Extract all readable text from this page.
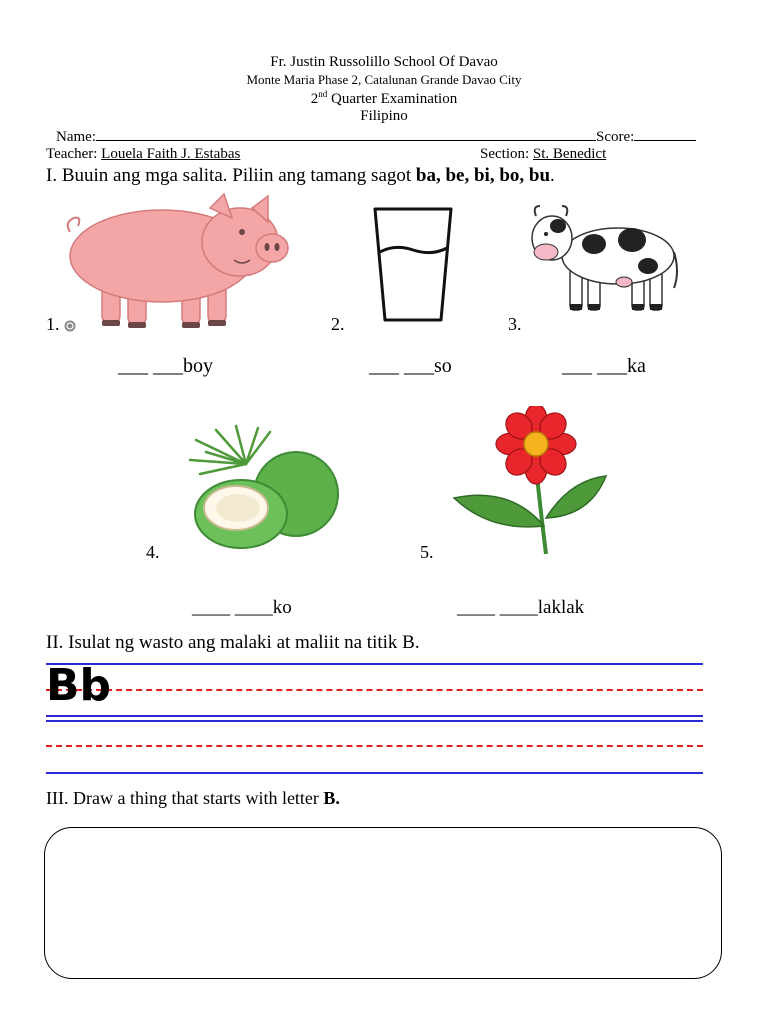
Fr. Justin Russolillo School Of Davao
Monte Maria Phase 2, Catalunan Grande Davao City
2nd Quarter Examination
Filipino
Name:	Score:
Teacher: Louela Faith J. Estabas	Section: St. Benedict
I. Buuin ang mga salita. Piliin ang tamang sagot ba, be, bi, bo, bu.
1.	2.	3.
___ ___boy	___ ___so	___ ___ka
4.	5.
____ ____ko	____ ____laklak
II. Isulat ng wasto ang malaki at maliit na titik B.
Bb
III. Draw a thing that starts with letter B.
